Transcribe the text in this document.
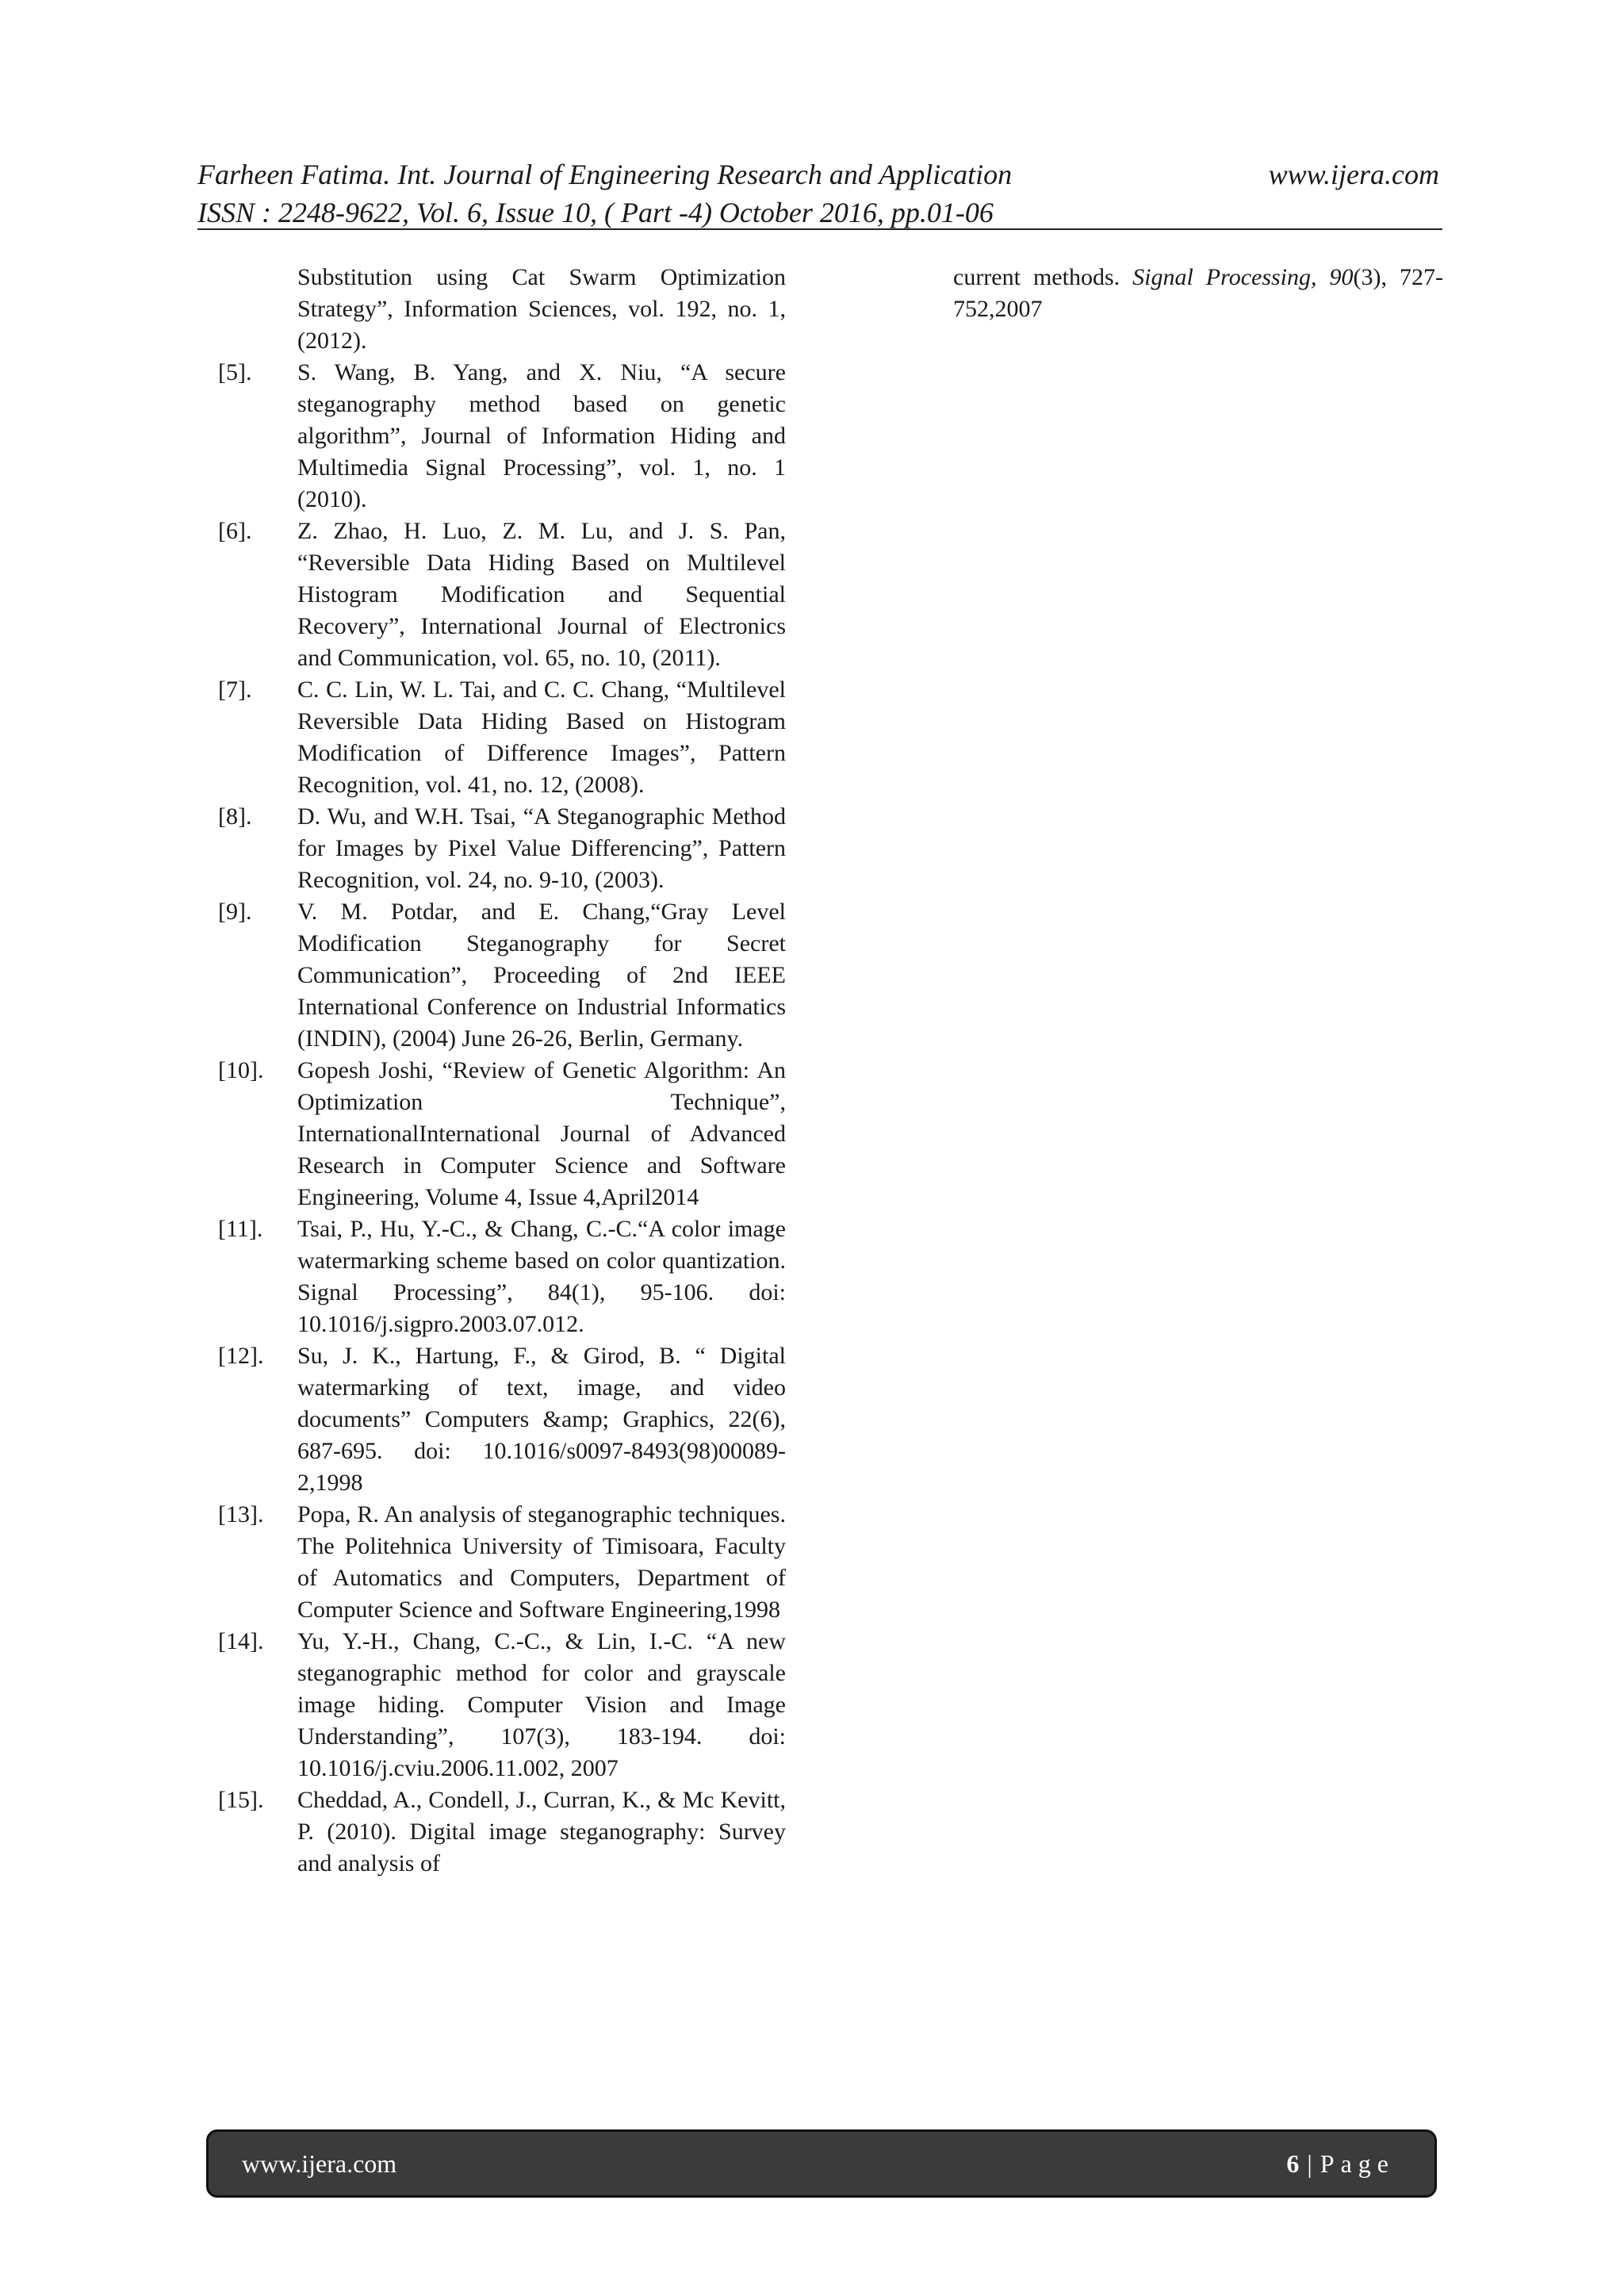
Farheen Fatima. Int. Journal of Engineering Research and Application	www.ijera.com
ISSN : 2248-9622, Vol. 6, Issue 10, ( Part -4) October 2016, pp.01-06
Substitution using Cat Swarm Optimization Strategy”, Information Sciences, vol. 192, no. 1, (2012).
[5].	S. Wang, B. Yang, and X. Niu, “A secure steganography method based on genetic algorithm”, Journal of Information Hiding and Multimedia Signal Processing”, vol. 1, no. 1 (2010).
[6].	Z. Zhao, H. Luo, Z. M. Lu, and J. S. Pan, “Reversible Data Hiding Based on Multilevel Histogram Modification and Sequential Recovery”, International Journal of Electronics and Communication, vol. 65, no. 10, (2011).
[7].	C. C. Lin, W. L. Tai, and C. C. Chang, “Multilevel Reversible Data Hiding Based on Histogram Modification of Difference Images”, Pattern Recognition, vol. 41, no. 12, (2008).
[8].	D. Wu, and W.H. Tsai, “A Steganographic Method for Images by Pixel Value Differencing”, Pattern Recognition, vol. 24, no. 9-10, (2003).
[9].	V. M. Potdar, and E. Chang,“Gray Level Modification Steganography for Secret Communication”, Proceeding of 2nd IEEE International Conference on Industrial Informatics (INDIN), (2004) June 26-26, Berlin, Germany.
[10].	Gopesh Joshi, “Review of Genetic Algorithm: An Optimization Technique”, InternationalInternational Journal of Advanced Research in Computer Science and Software Engineering, Volume 4, Issue 4,April2014
[11].	Tsai, P., Hu, Y.-C., & Chang, C.-C.“A color image watermarking scheme based on color quantization. Signal Processing”, 84(1), 95-106. doi: 10.1016/j.sigpro.2003.07.012.
[12].	Su, J. K., Hartung, F., & Girod, B. “ Digital watermarking of text, image, and video documents” Computers &amp; Graphics, 22(6), 687-695. doi: 10.1016/s0097-8493(98)00089-2,1998
[13].	Popa, R. An analysis of steganographic techniques. The Politehnica University of Timisoara, Faculty of Automatics and Computers, Department of Computer Science and Software Engineering,1998
[14].	Yu, Y.-H., Chang, C.-C., & Lin, I.-C. “A new steganographic method for color and grayscale image hiding. Computer Vision and Image Understanding”, 107(3), 183-194. doi: 10.1016/j.cviu.2006.11.002, 2007
[15].	Cheddad, A., Condell, J., Curran, K., & Mc Kevitt, P. (2010). Digital image steganography: Survey and analysis of
current methods. Signal Processing, 90(3), 727-752,2007
www.ijera.com	6 | Page
